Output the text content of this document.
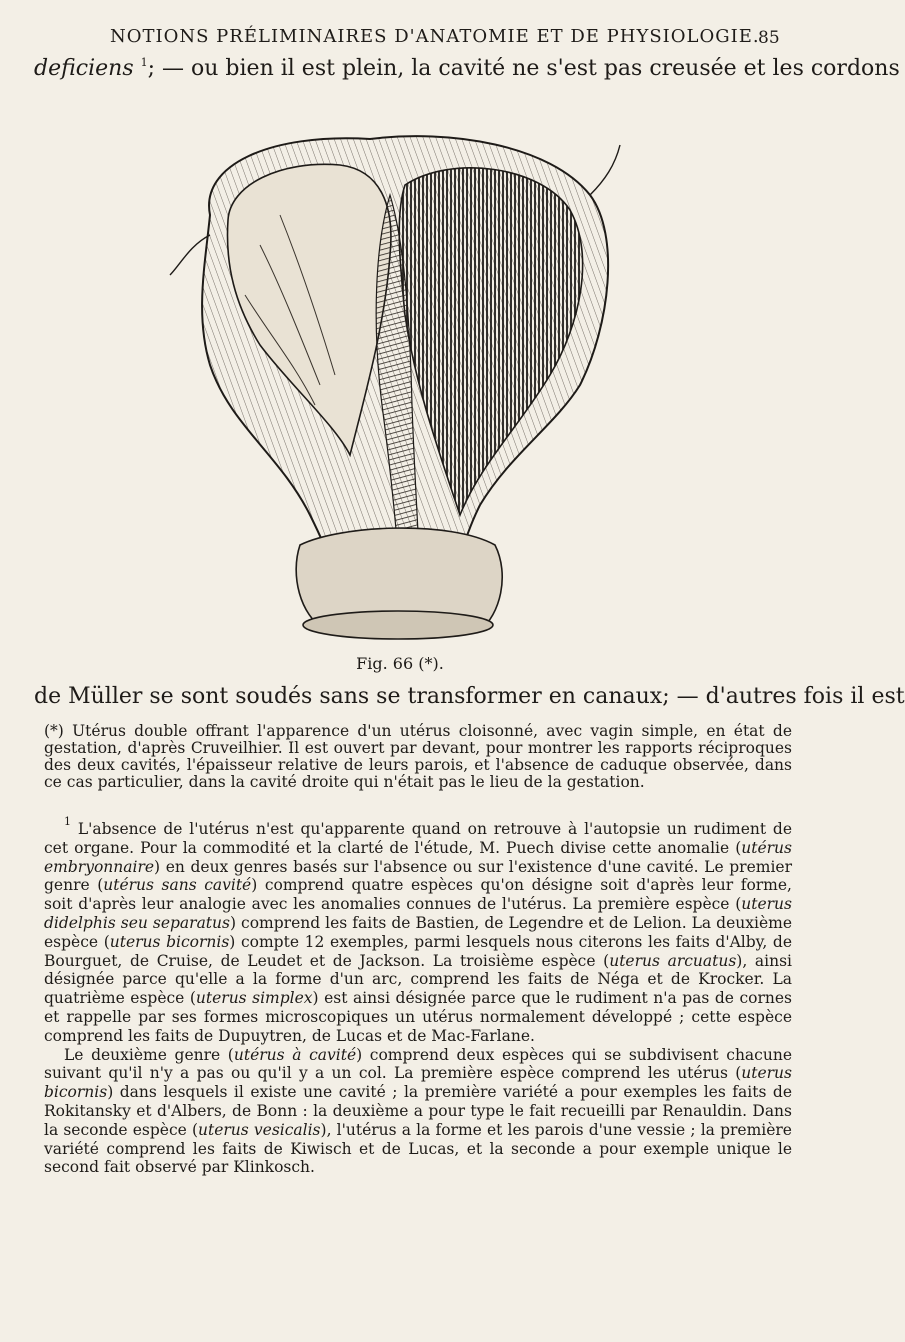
NOTIONS PRÉLIMINAIRES D'ANATOMIE ET DE PHYSIOLOGIE.
85
deficiens $^1$; — ou bien il est plein, la cavité ne s'est pas creusée et les cordons
Fig. 66 (*).
de Müller se sont soudés sans se transformer en canaux; — d'autres fois il est
(*) Utérus double offrant l'apparence d'un utérus cloisonné, avec vagin simple, en état de gestation, d'après Cruveilhier. Il est ouvert par devant, pour montrer les rapports réciproques des deux cavités, l'épaisseur relative de leurs parois, et l'absence de caduque observée, dans ce cas particulier, dans la cavité droite qui n'était pas le lieu de la gestation.

$^1$ L'absence de l'utérus n'est qu'apparente quand on retrouve à l'autopsie un rudiment de cet organe. Pour la commodité et la clarté de l'étude, M. Puech divise cette anomalie (utérus embryonnaire) en deux genres basés sur l'absence ou sur l'existence d'une cavité. Le premier genre (utérus sans cavité) comprend quatre espèces qu'on désigne soit d'après leur forme, soit d'après leur analogie avec les anomalies connues de l'utérus. La première espèce (uterus didelphis seu separatus) comprend les faits de Bastien, de Legendre et de Lelion. La deuxième espèce (uterus bicornis) compte 12 exemples, parmi lesquels nous citerons les faits d'Alby, de Bourguet, de Cruise, de Leudet et de Jackson. La troisième espèce (uterus arcuatus), ainsi désignée parce qu'elle a la forme d'un arc, comprend les faits de Néga et de Krocker. La quatrième espèce (uterus simplex) est ainsi désignée parce que le rudiment n'a pas de cornes et rappelle par ses formes microscopiques un utérus normalement développé ; cette espèce comprend les faits de Dupuytren, de Lucas et de Mac-Farlane.

Le deuxième genre (utérus à cavité) comprend deux espèces qui se subdivisent chacune suivant qu'il n'y a pas ou qu'il y a un col. La première espèce comprend les utérus (uterus bicornis) dans lesquels il existe une cavité ; la première variété a pour exemples les faits de Rokitansky et d'Albers, de Bonn : la deuxième a pour type le fait recueilli par Renauldin. Dans la seconde espèce (uterus vesicalis), l'utérus a la forme et les parois d'une vessie ; la première variété comprend les faits de Kiwisch et de Lucas, et la seconde a pour exemple unique le second fait observé par Klinkosch.
